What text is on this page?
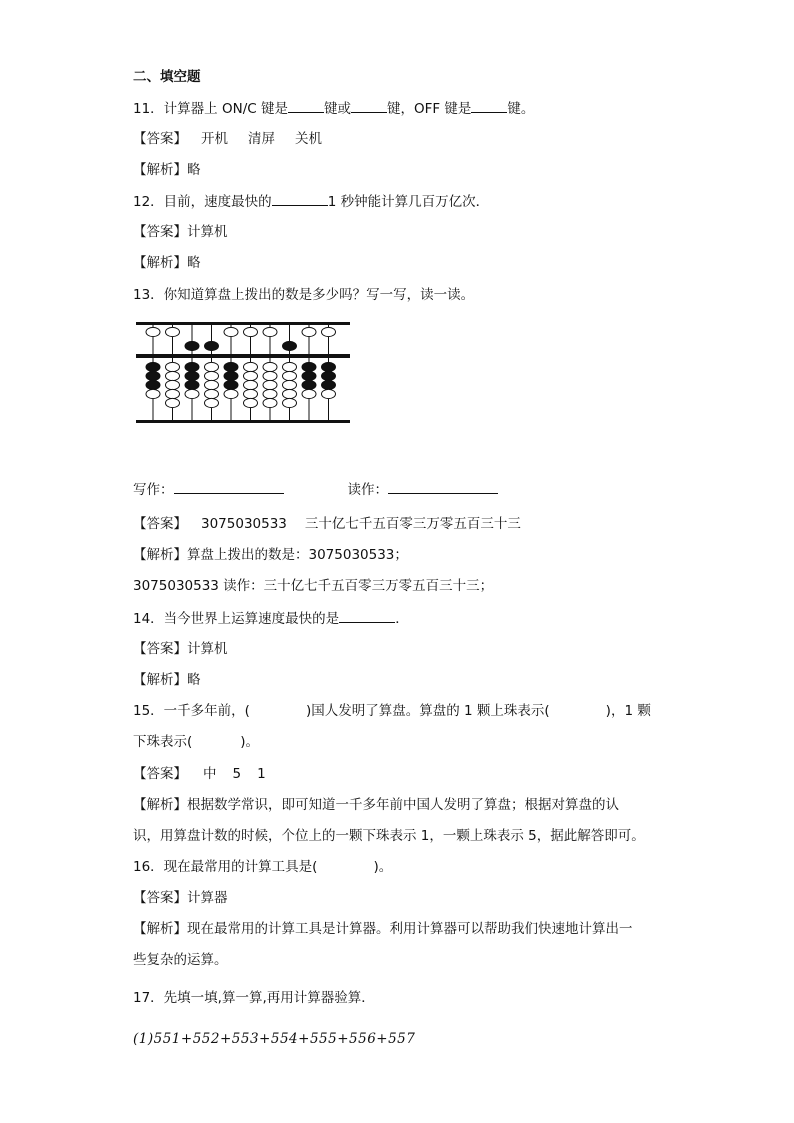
二、填空题
11．计算器上 ON/C 键是	键或	键，OFF 键是	键。
【答案】 开机 清屏 关机
【解析】略
12．目前，速度最快的	1 秒钟能计算几百万亿次．
【答案】计算机
【解析】略
13．你知道算盘上拨出的数是多少吗？写一写，读一读。
写作：	读作：
【答案】 3075030533 三十亿七千五百零三万零五百三十三
【解析】算盘上拨出的数是：3075030533；
3075030533 读作：三十亿七千五百零三万零五百三十三；
14．当今世界上运算速度最快的是	．
【答案】计算机
【解析】略
15．一千多年前，(	)国人发明了算盘。算盘的 1 颗上珠表示(	)，1 颗
下珠表示(	)。
【答案】 中 5 1
【解析】根据数学常识，即可知道一千多年前中国人发明了算盘；根据对算盘的认
识，用算盘计数的时候，个位上的一颗下珠表示 1，一颗上珠表示 5，据此解答即可。
16．现在最常用的计算工具是(	)。
【答案】计算器
【解析】现在最常用的计算工具是计算器。利用计算器可以帮助我们快速地计算出一
些复杂的运算。
17．先填一填,算一算,再用计算器验算．
(1)551+552+553+554+555+556+557
